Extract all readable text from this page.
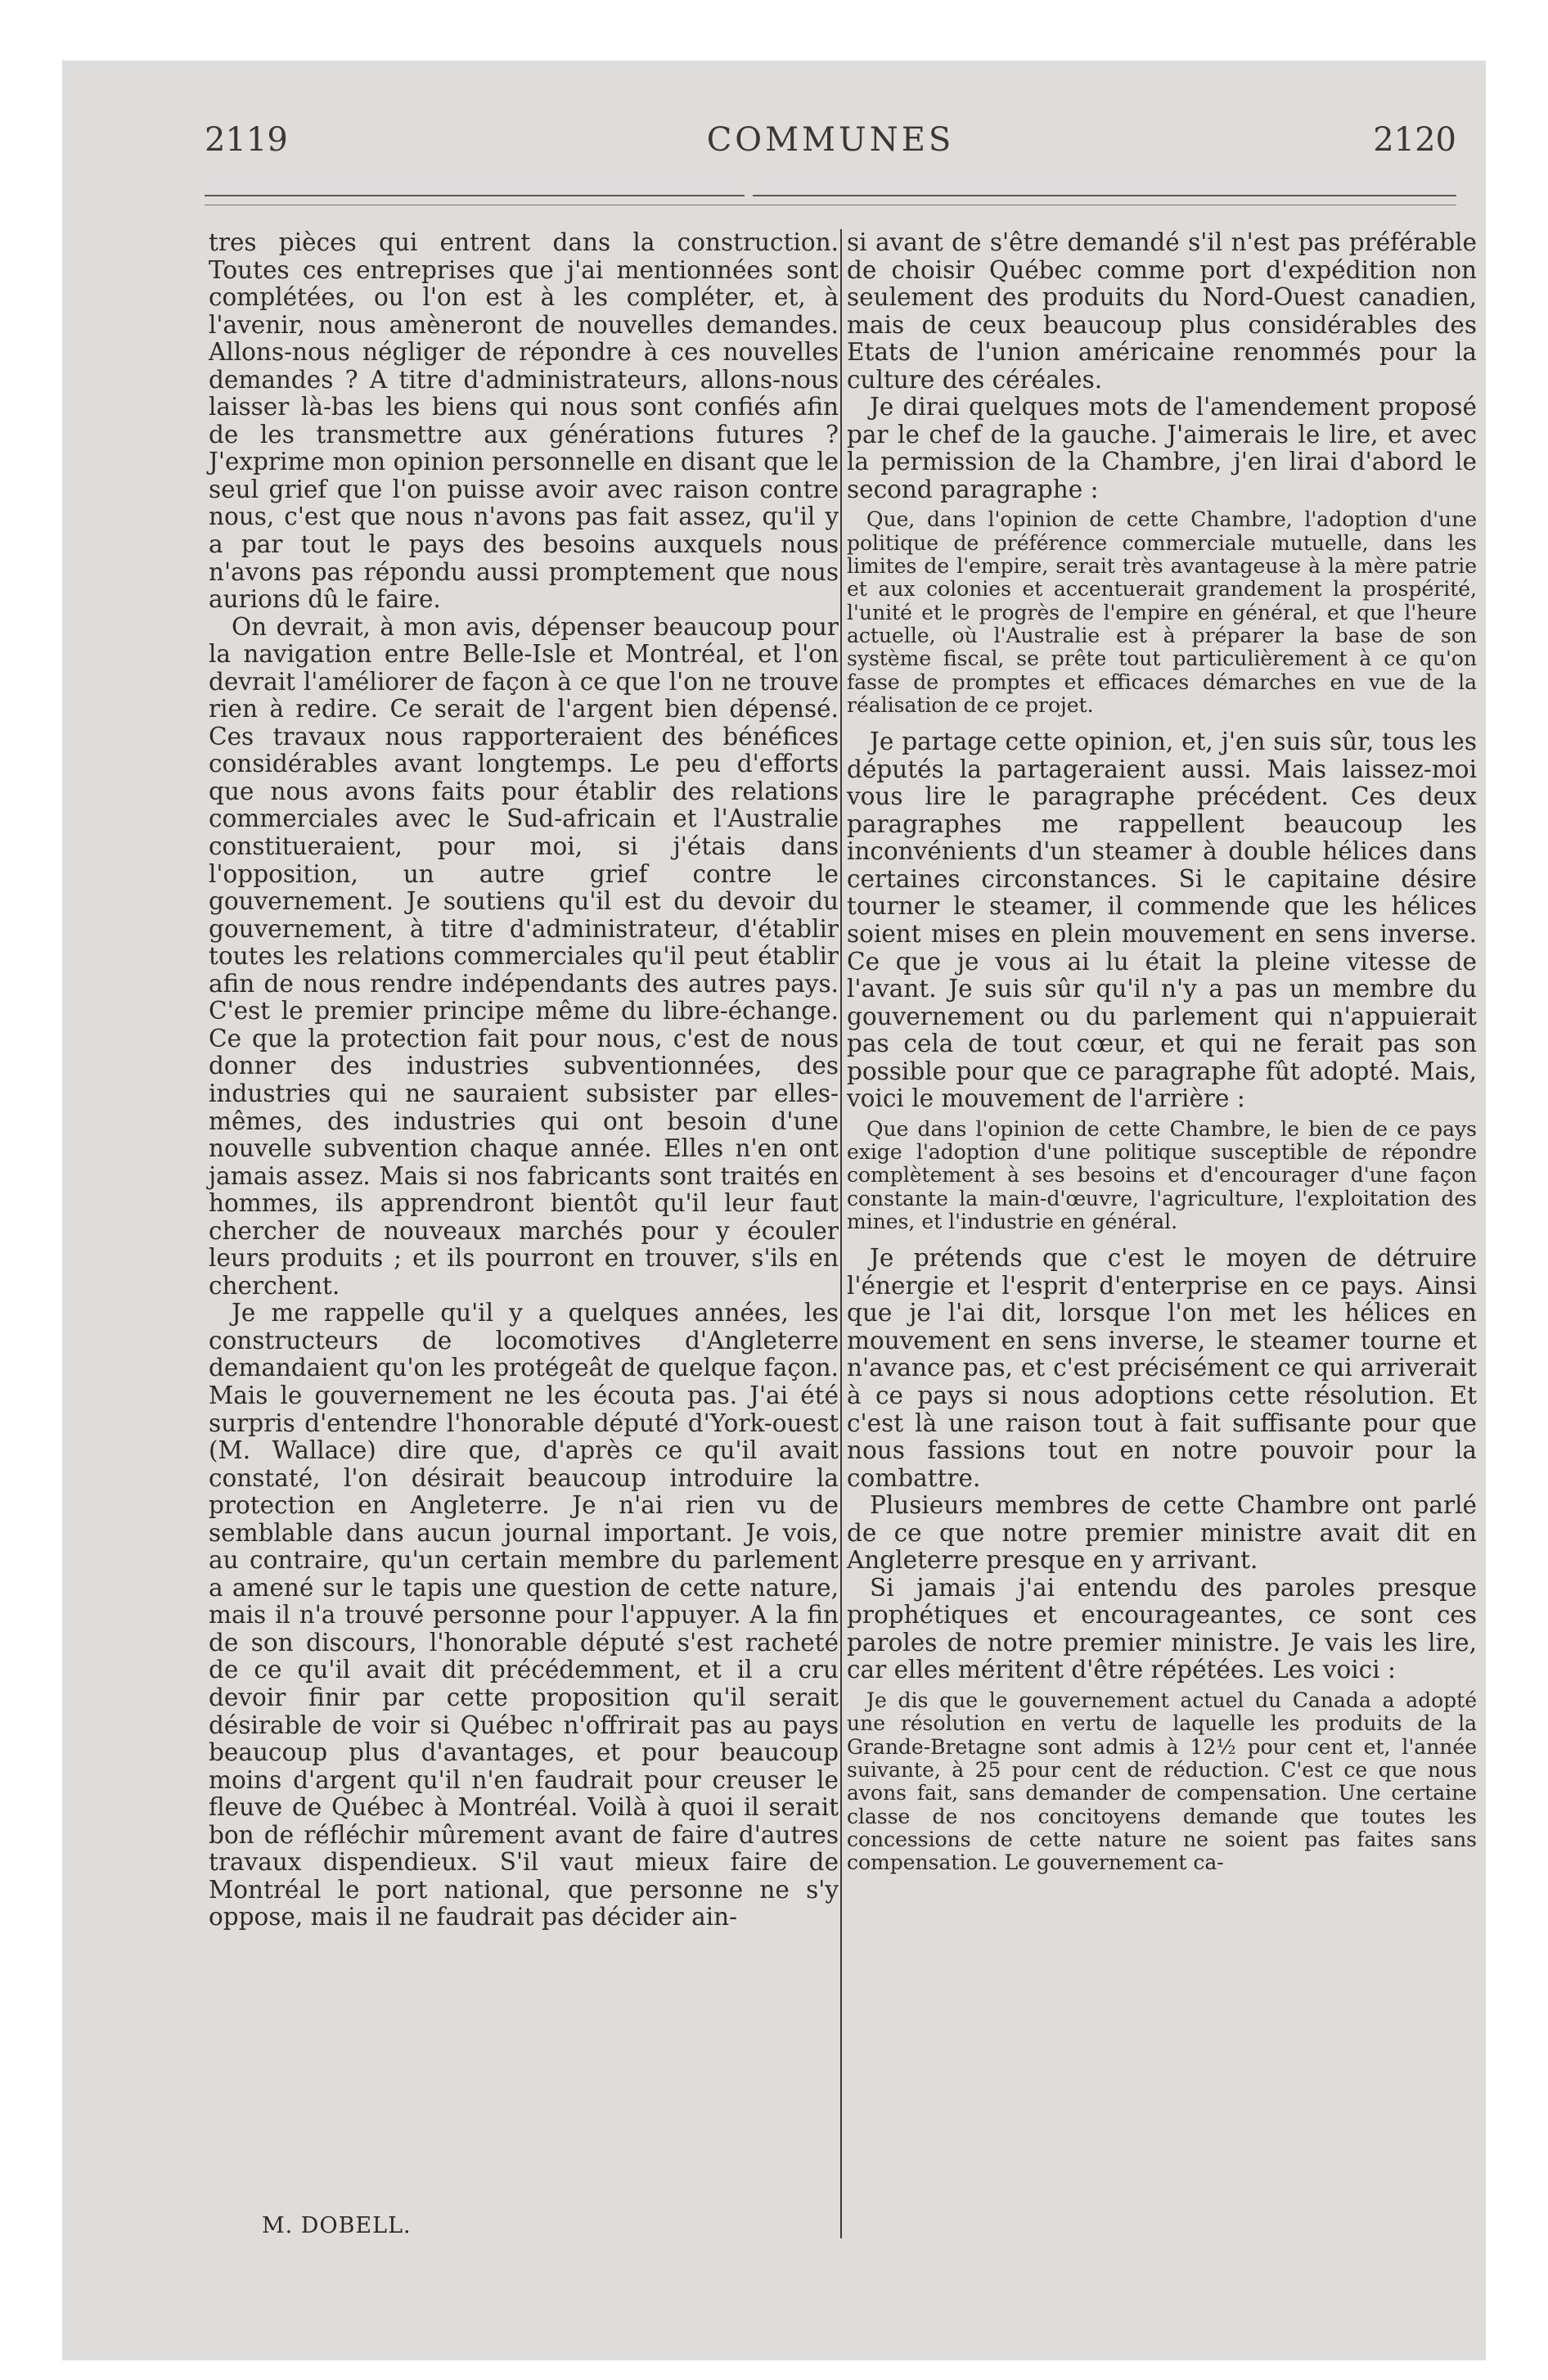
2119	COMMUNES	2120

tres pièces qui entrent dans la construction. Toutes ces entreprises que j'ai mentionnées sont complétées, ou l'on est à les compléter, et, à l'avenir, nous amèneront de nouvelles demandes. Allons-nous négliger de répondre à ces nouvelles demandes ? A titre d'administrateurs, allons-nous laisser là-bas les biens qui nous sont confiés afin de les transmettre aux générations futures ? J'exprime mon opinion personnelle en disant que le seul grief que l'on puisse avoir avec raison contre nous, c'est que nous n'avons pas fait assez, qu'il y a par tout le pays des besoins auxquels nous n'avons pas répondu aussi promptement que nous aurions dû le faire.

On devrait, à mon avis, dépenser beaucoup pour la navigation entre Belle-Isle et Montréal, et l'on devrait l'améliorer de façon à ce que l'on ne trouve rien à redire. Ce serait de l'argent bien dépensé. Ces travaux nous rapporteraient des bénéfices considérables avant longtemps. Le peu d'efforts que nous avons faits pour établir des relations commerciales avec le Sud-africain et l'Australie constitueraient, pour moi, si j'étais dans l'opposition, un autre grief contre le gouvernement. Je soutiens qu'il est du devoir du gouvernement, à titre d'administrateur, d'établir toutes les relations commerciales qu'il peut établir afin de nous rendre indépendants des autres pays. C'est le premier principe même du libre-échange. Ce que la protection fait pour nous, c'est de nous donner des industries subventionnées, des industries qui ne sauraient subsister par elles-mêmes, des industries qui ont besoin d'une nouvelle subvention chaque année. Elles n'en ont jamais assez. Mais si nos fabricants sont traités en hommes, ils apprendront bientôt qu'il leur faut chercher de nouveaux marchés pour y écouler leurs produits ; et ils pourront en trouver, s'ils en cherchent.

Je me rappelle qu'il y a quelques années, les constructeurs de locomotives d'Angleterre demandaient qu'on les protégeât de quelque façon. Mais le gouvernement ne les écouta pas. J'ai été surpris d'entendre l'honorable député d'York-ouest (M. Wallace) dire que, d'après ce qu'il avait constaté, l'on désirait beaucoup introduire la protection en Angleterre. Je n'ai rien vu de semblable dans aucun journal important. Je vois, au contraire, qu'un certain membre du parlement a amené sur le tapis une question de cette nature, mais il n'a trouvé personne pour l'appuyer. A la fin de son discours, l'honorable député s'est racheté de ce qu'il avait dit précédemment, et il a cru devoir finir par cette proposition qu'il serait désirable de voir si Québec n'offrirait pas au pays beaucoup plus d'avantages, et pour beaucoup moins d'argent qu'il n'en faudrait pour creuser le fleuve de Québec à Montréal. Voilà à quoi il serait bon de réfléchir mûrement avant de faire d'autres travaux dispendieux. S'il vaut mieux faire de Montréal le port national, que personne ne s'y oppose, mais il ne faudrait pas décider ain-

si avant de s'être demandé s'il n'est pas préférable de choisir Québec comme port d'expédition non seulement des produits du Nord-Ouest canadien, mais de ceux beaucoup plus considérables des Etats de l'union américaine renommés pour la culture des céréales.

Je dirai quelques mots de l'amendement proposé par le chef de la gauche. J'aimerais le lire, et avec la permission de la Chambre, j'en lirai d'abord le second paragraphe :

Que, dans l'opinion de cette Chambre, l'adoption d'une politique de préférence commerciale mutuelle, dans les limites de l'empire, serait très avantageuse à la mère patrie et aux colonies et accentuerait grandement la prospérité, l'unité et le progrès de l'empire en général, et que l'heure actuelle, où l'Australie est à préparer la base de son système fiscal, se prête tout particulièrement à ce qu'on fasse de promptes et efficaces démarches en vue de la réalisation de ce projet.

Je partage cette opinion, et, j'en suis sûr, tous les députés la partageraient aussi. Mais laissez-moi vous lire le paragraphe précédent. Ces deux paragraphes me rappellent beaucoup les inconvénients d'un steamer à double hélices dans certaines circonstances. Si le capitaine désire tourner le steamer, il commende que les hélices soient mises en plein mouvement en sens inverse. Ce que je vous ai lu était la pleine vitesse de l'avant. Je suis sûr qu'il n'y a pas un membre du gouvernement ou du parlement qui n'appuierait pas cela de tout cœur, et qui ne ferait pas son possible pour que ce paragraphe fût adopté. Mais, voici le mouvement de l'arrière :

Que dans l'opinion de cette Chambre, le bien de ce pays exige l'adoption d'une politique susceptible de répondre complètement à ses besoins et d'encourager d'une façon constante la main-d'œuvre, l'agriculture, l'exploitation des mines, et l'industrie en général.

Je prétends que c'est le moyen de détruire l'énergie et l'esprit d'enterprise en ce pays. Ainsi que je l'ai dit, lorsque l'on met les hélices en mouvement en sens inverse, le steamer tourne et n'avance pas, et c'est précisément ce qui arriverait à ce pays si nous adoptions cette résolution. Et c'est là une raison tout à fait suffisante pour que nous fassions tout en notre pouvoir pour la combattre.

Plusieurs membres de cette Chambre ont parlé de ce que notre premier ministre avait dit en Angleterre presque en y arrivant.

Si jamais j'ai entendu des paroles presque prophétiques et encourageantes, ce sont ces paroles de notre premier ministre. Je vais les lire, car elles méritent d'être répétées. Les voici :

Je dis que le gouvernement actuel du Canada a adopté une résolution en vertu de laquelle les produits de la Grande-Bretagne sont admis à 12½ pour cent et, l'année suivante, à 25 pour cent de réduction. C'est ce que nous avons fait, sans demander de compensation. Une certaine classe de nos concitoyens demande que toutes les concessions de cette nature ne soient pas faites sans compensation. Le gouvernement ca-

M. DOBELL.
